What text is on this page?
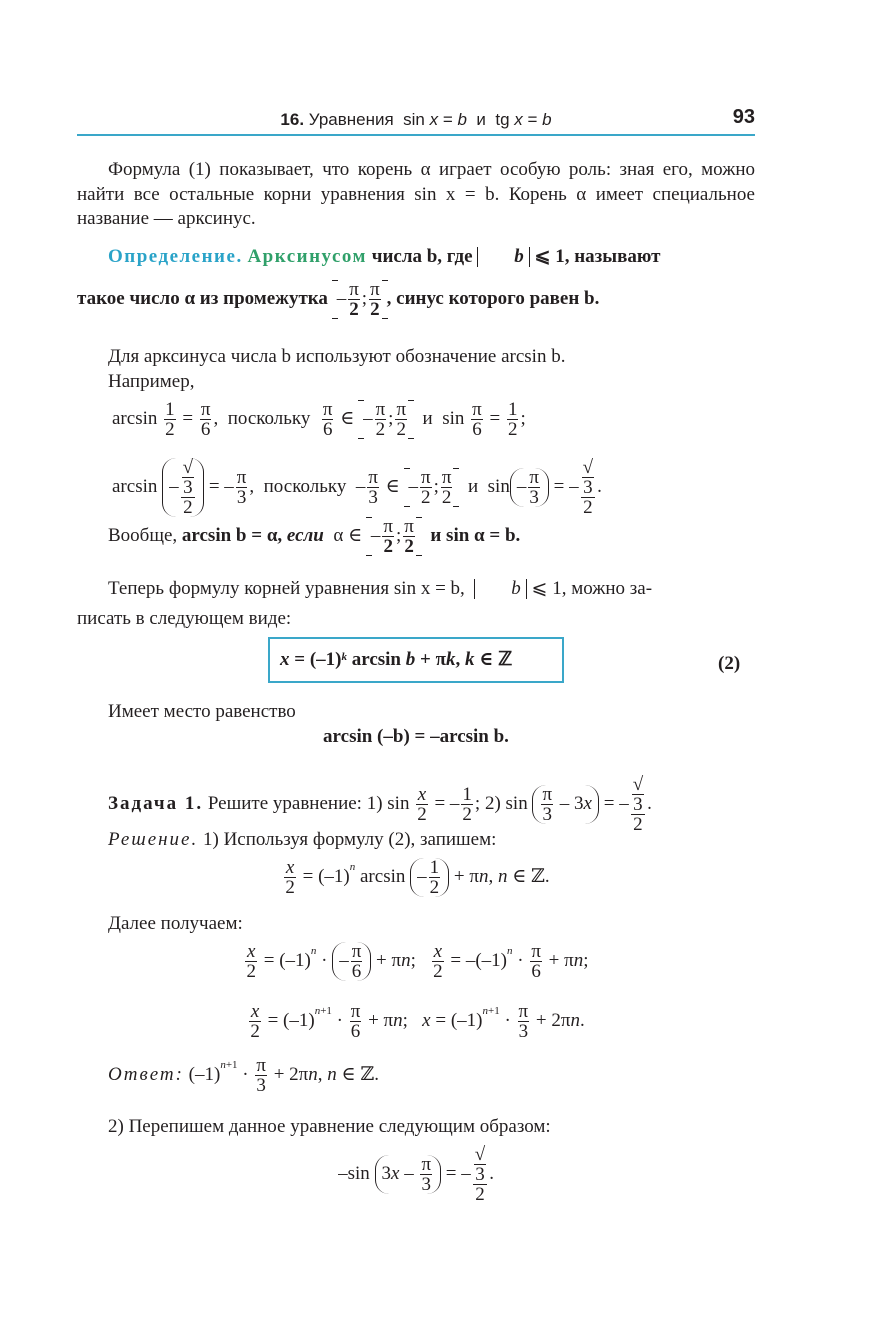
16. Уравнения  sin x = b  и  tg x = b	93
Формула (1) показывает, что корень α играет особую роль: зная его, можно найти все остальные корни уравнения sin x = b. Корень α имеет специальное название — арксинус.
Определение. Арксинусом числа b, где b ⩽ 1, называют
такое число α из промежутка – $\frac{\pi}{2}$ ; $\frac{\pi}{2}$ , синус которого равен b.
Для арксинуса числа b используют обозначение arcsin b.
Например,
$\arcsin \frac{1}{2} = \frac{\pi}{6}$ ,  поскольку $\frac{\pi}{6}$ ∈ – $\frac{\pi}{2}$ ; $\frac{\pi}{2}$ и  $\sin \frac{\pi}{6} = \frac{1}{2}$ ;
arcsin – √
3
2 = – $\frac{\pi}{3}$ ,  поскольку  – $\frac{\pi}{3}$ ∈ – $\frac{\pi}{2}$ ; $\frac{\pi}{2}$ и  sin – $\frac{\pi}{3}$ = – √
3
2 .
Вообще, arcsin b = α, если  α ∈ – $\frac{\pi}{2}$ ; $\frac{\pi}{2}$ и sin α = b.
Теперь формулу корней уравнения sin x = b, b ⩽ 1, можно за-
писать в следующем виде:
$x = (-1)^k$ arcsin b + πk, k ∈ ℤ	(2)
Имеет место равенство
arcsin (–b) = –arcsin b.
Задача 1. Решите уравнение: 1) $\sin \frac{x}{2}$ = – $\frac{1}{2}$ ; 2) $\sin \frac{\pi}{3} - 3x$ = – √
3
2 .
Решение. 1) Используя формулу (2), запишем:
$\frac{x}{2} = (-1)^n$ $\arcsin - \frac{1}{2} + \pi n$, n ∈ ℤ.
Далее получаем:
$\frac{x}{2} = (-1)^n$ · – $\frac{\pi}{6} + \pi n$; $\frac{x}{2} = -(-1)^n \cdot \frac{\pi}{6} + \pi n$;
$\frac{x}{2} = (-1)^{n+1} \cdot \frac{\pi}{6} + \pi n$;   $x = (-1)^{n+1} \cdot \frac{\pi}{3} + 2\pi n$.
Ответ: $(-1)^{n+1} \cdot \frac{\pi}{3} + 2\pi n$, n ∈ ℤ.
2) Перепишем данное уравнение следующим образом:
–sin $3x - \frac{\pi}{3}$ = – √
3
2 .
